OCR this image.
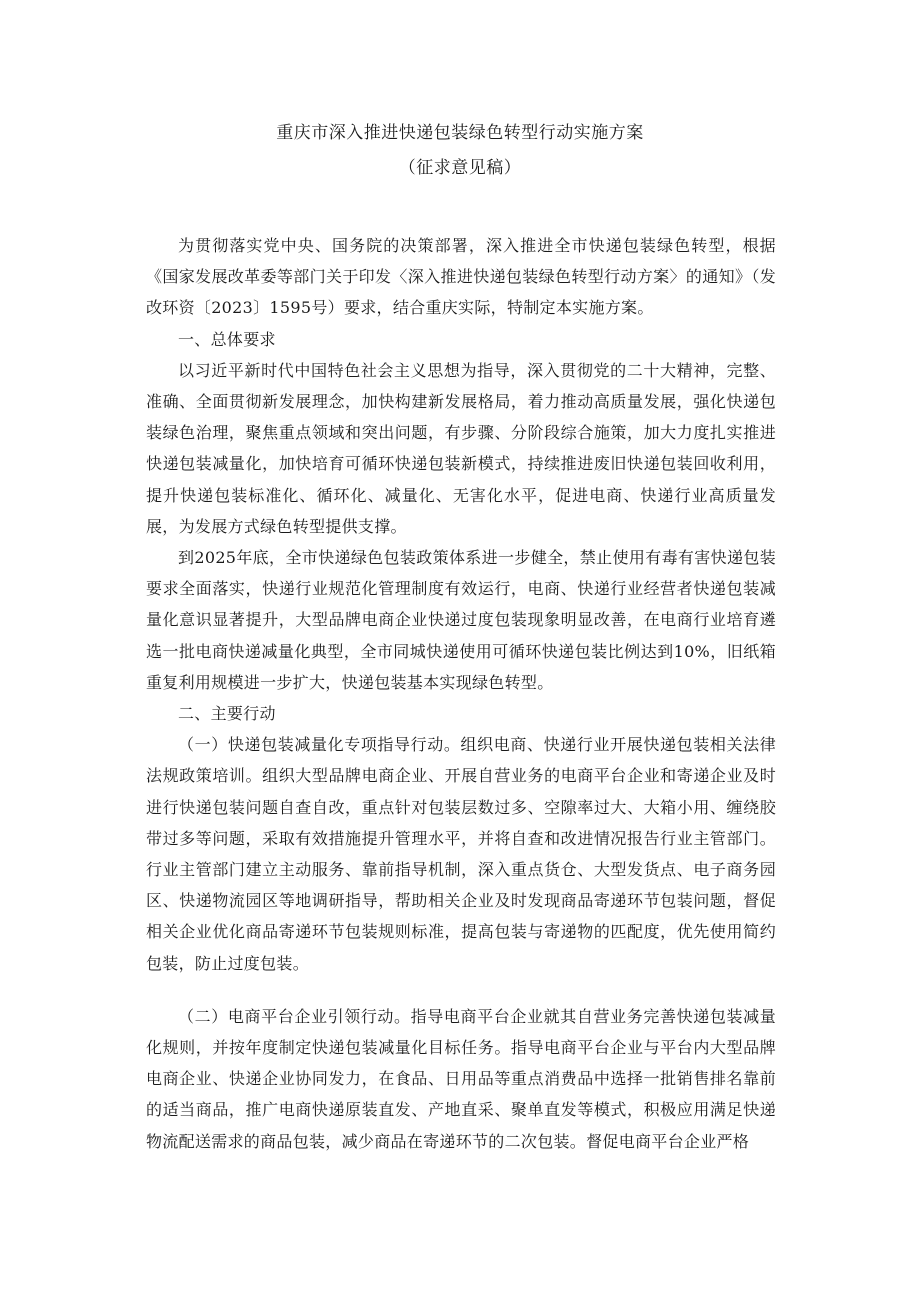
重庆市深入推进快递包装绿色转型行动实施方案
（征求意见稿）

为贯彻落实党中央、国务院的决策部署，深入推进全市快递包装绿色转型，根据《国家发展改革委等部门关于印发〈深入推进快递包装绿色转型行动方案〉的通知》（发改环资〔2023〕1595号）要求，结合重庆实际，特制定本实施方案。

一、总体要求

以习近平新时代中国特色社会主义思想为指导，深入贯彻党的二十大精神，完整、准确、全面贯彻新发展理念，加快构建新发展格局，着力推动高质量发展，强化快递包装绿色治理，聚焦重点领域和突出问题，有步骤、分阶段综合施策，加大力度扎实推进快递包装减量化，加快培育可循环快递包装新模式，持续推进废旧快递包装回收利用，提升快递包装标准化、循环化、减量化、无害化水平，促进电商、快递行业高质量发展，为发展方式绿色转型提供支撑。

到2025年底，全市快递绿色包装政策体系进一步健全，禁止使用有毒有害快递包装要求全面落实，快递行业规范化管理制度有效运行，电商、快递行业经营者快递包装减量化意识显著提升，大型品牌电商企业快递过度包装现象明显改善，在电商行业培育遴选一批电商快递减量化典型，全市同城快递使用可循环快递包装比例达到10%，旧纸箱重复利用规模进一步扩大，快递包装基本实现绿色转型。

二、主要行动

（一）快递包装减量化专项指导行动。组织电商、快递行业开展快递包装相关法律法规政策培训。组织大型品牌电商企业、开展自营业务的电商平台企业和寄递企业及时进行快递包装问题自查自改，重点针对包装层数过多、空隙率过大、大箱小用、缠绕胶带过多等问题，采取有效措施提升管理水平，并将自查和改进情况报告行业主管部门。行业主管部门建立主动服务、靠前指导机制，深入重点货仓、大型发货点、电子商务园区、快递物流园区等地调研指导，帮助相关企业及时发现商品寄递环节包装问题，督促相关企业优化商品寄递环节包装规则标准，提高包装与寄递物的匹配度，优先使用简约包装，防止过度包装。

（二）电商平台企业引领行动。指导电商平台企业就其自营业务完善快递包装减量化规则，并按年度制定快递包装减量化目标任务。指导电商平台企业与平台内大型品牌电商企业、快递企业协同发力，在食品、日用品等重点消费品中选择一批销售排名靠前的适当商品，推广电商快递原装直发、产地直采、聚单直发等模式，积极应用满足快递物流配送需求的商品包装，减少商品在寄递环节的二次包装。督促电商平台企业严格
